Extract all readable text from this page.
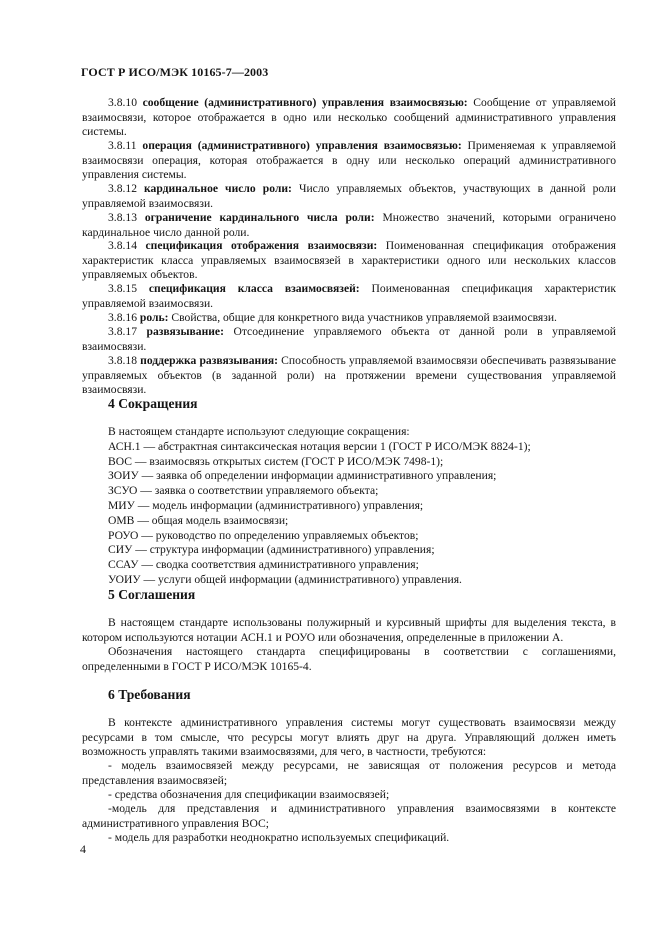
ГОСТ Р ИСО/МЭК 10165-7—2003
3.8.10 сообщение (административного) управления взаимосвязью: Сообщение от управляемой взаимосвязи, которое отображается в одно или несколько сообщений административного управления системы.
3.8.11 операция (административного) управления взаимосвязью: Применяемая к управляемой взаимосвязи операция, которая отображается в одну или несколько операций административного управления системы.
3.8.12 кардинальное число роли: Число управляемых объектов, участвующих в данной роли управляемой взаимосвязи.
3.8.13 ограничение кардинального числа роли: Множество значений, которыми ограничено кардинальное число данной роли.
3.8.14 спецификация отображения взаимосвязи: Поименованная спецификация отображения характеристик класса управляемых взаимосвязей в характеристики одного или нескольких классов управляемых объектов.
3.8.15 спецификация класса взаимосвязей: Поименованная спецификация характеристик управляемой взаимосвязи.
3.8.16 роль: Свойства, общие для конкретного вида участников управляемой взаимосвязи.
3.8.17 развязывание: Отсоединение управляемого объекта от данной роли в управляемой взаимосвязи.
3.8.18 поддержка развязывания: Способность управляемой взаимосвязи обеспечивать развязывание управляемых объектов (в заданной роли) на протяжении времени существования управляемой взаимосвязи.
4 Сокращения
В настоящем стандарте используют следующие сокращения:
АСН.1 — абстрактная синтаксическая нотация версии 1 (ГОСТ Р ИСО/МЭК 8824-1);
ВОС — взаимосвязь открытых систем (ГОСТ Р ИСО/МЭК 7498-1);
ЗОИУ — заявка об определении информации административного управления;
ЗСУО — заявка о соответствии управляемого объекта;
МИУ — модель информации (административного) управления;
ОМВ — общая модель взаимосвязи;
РОУО — руководство по определению управляемых объектов;
СИУ — структура информации (административного) управления;
ССАУ — сводка соответствия административного управления;
УОИУ — услуги общей информации (административного) управления.
5 Соглашения
В настоящем стандарте использованы полужирный и курсивный шрифты для выделения текста, в котором используются нотации АСН.1 и РОУО или обозначения, определенные в приложении А.
Обозначения настоящего стандарта специфицированы в соответствии с соглашениями, определенными в ГОСТ Р ИСО/МЭК 10165-4.
6 Требования
В контексте административного управления системы могут существовать взаимосвязи между ресурсами в том смысле, что ресурсы могут влиять друг на друга. Управляющий должен иметь возможность управлять такими взаимосвязями, для чего, в частности, требуются:
- модель взаимосвязей между ресурсами, не зависящая от положения ресурсов и метода представления взаимосвязей;
- средства обозначения для спецификации взаимосвязей;
-модель для представления и административного управления взаимосвязями в контексте административного управления ВОС;
- модель для разработки неоднократно используемых спецификаций.
4
